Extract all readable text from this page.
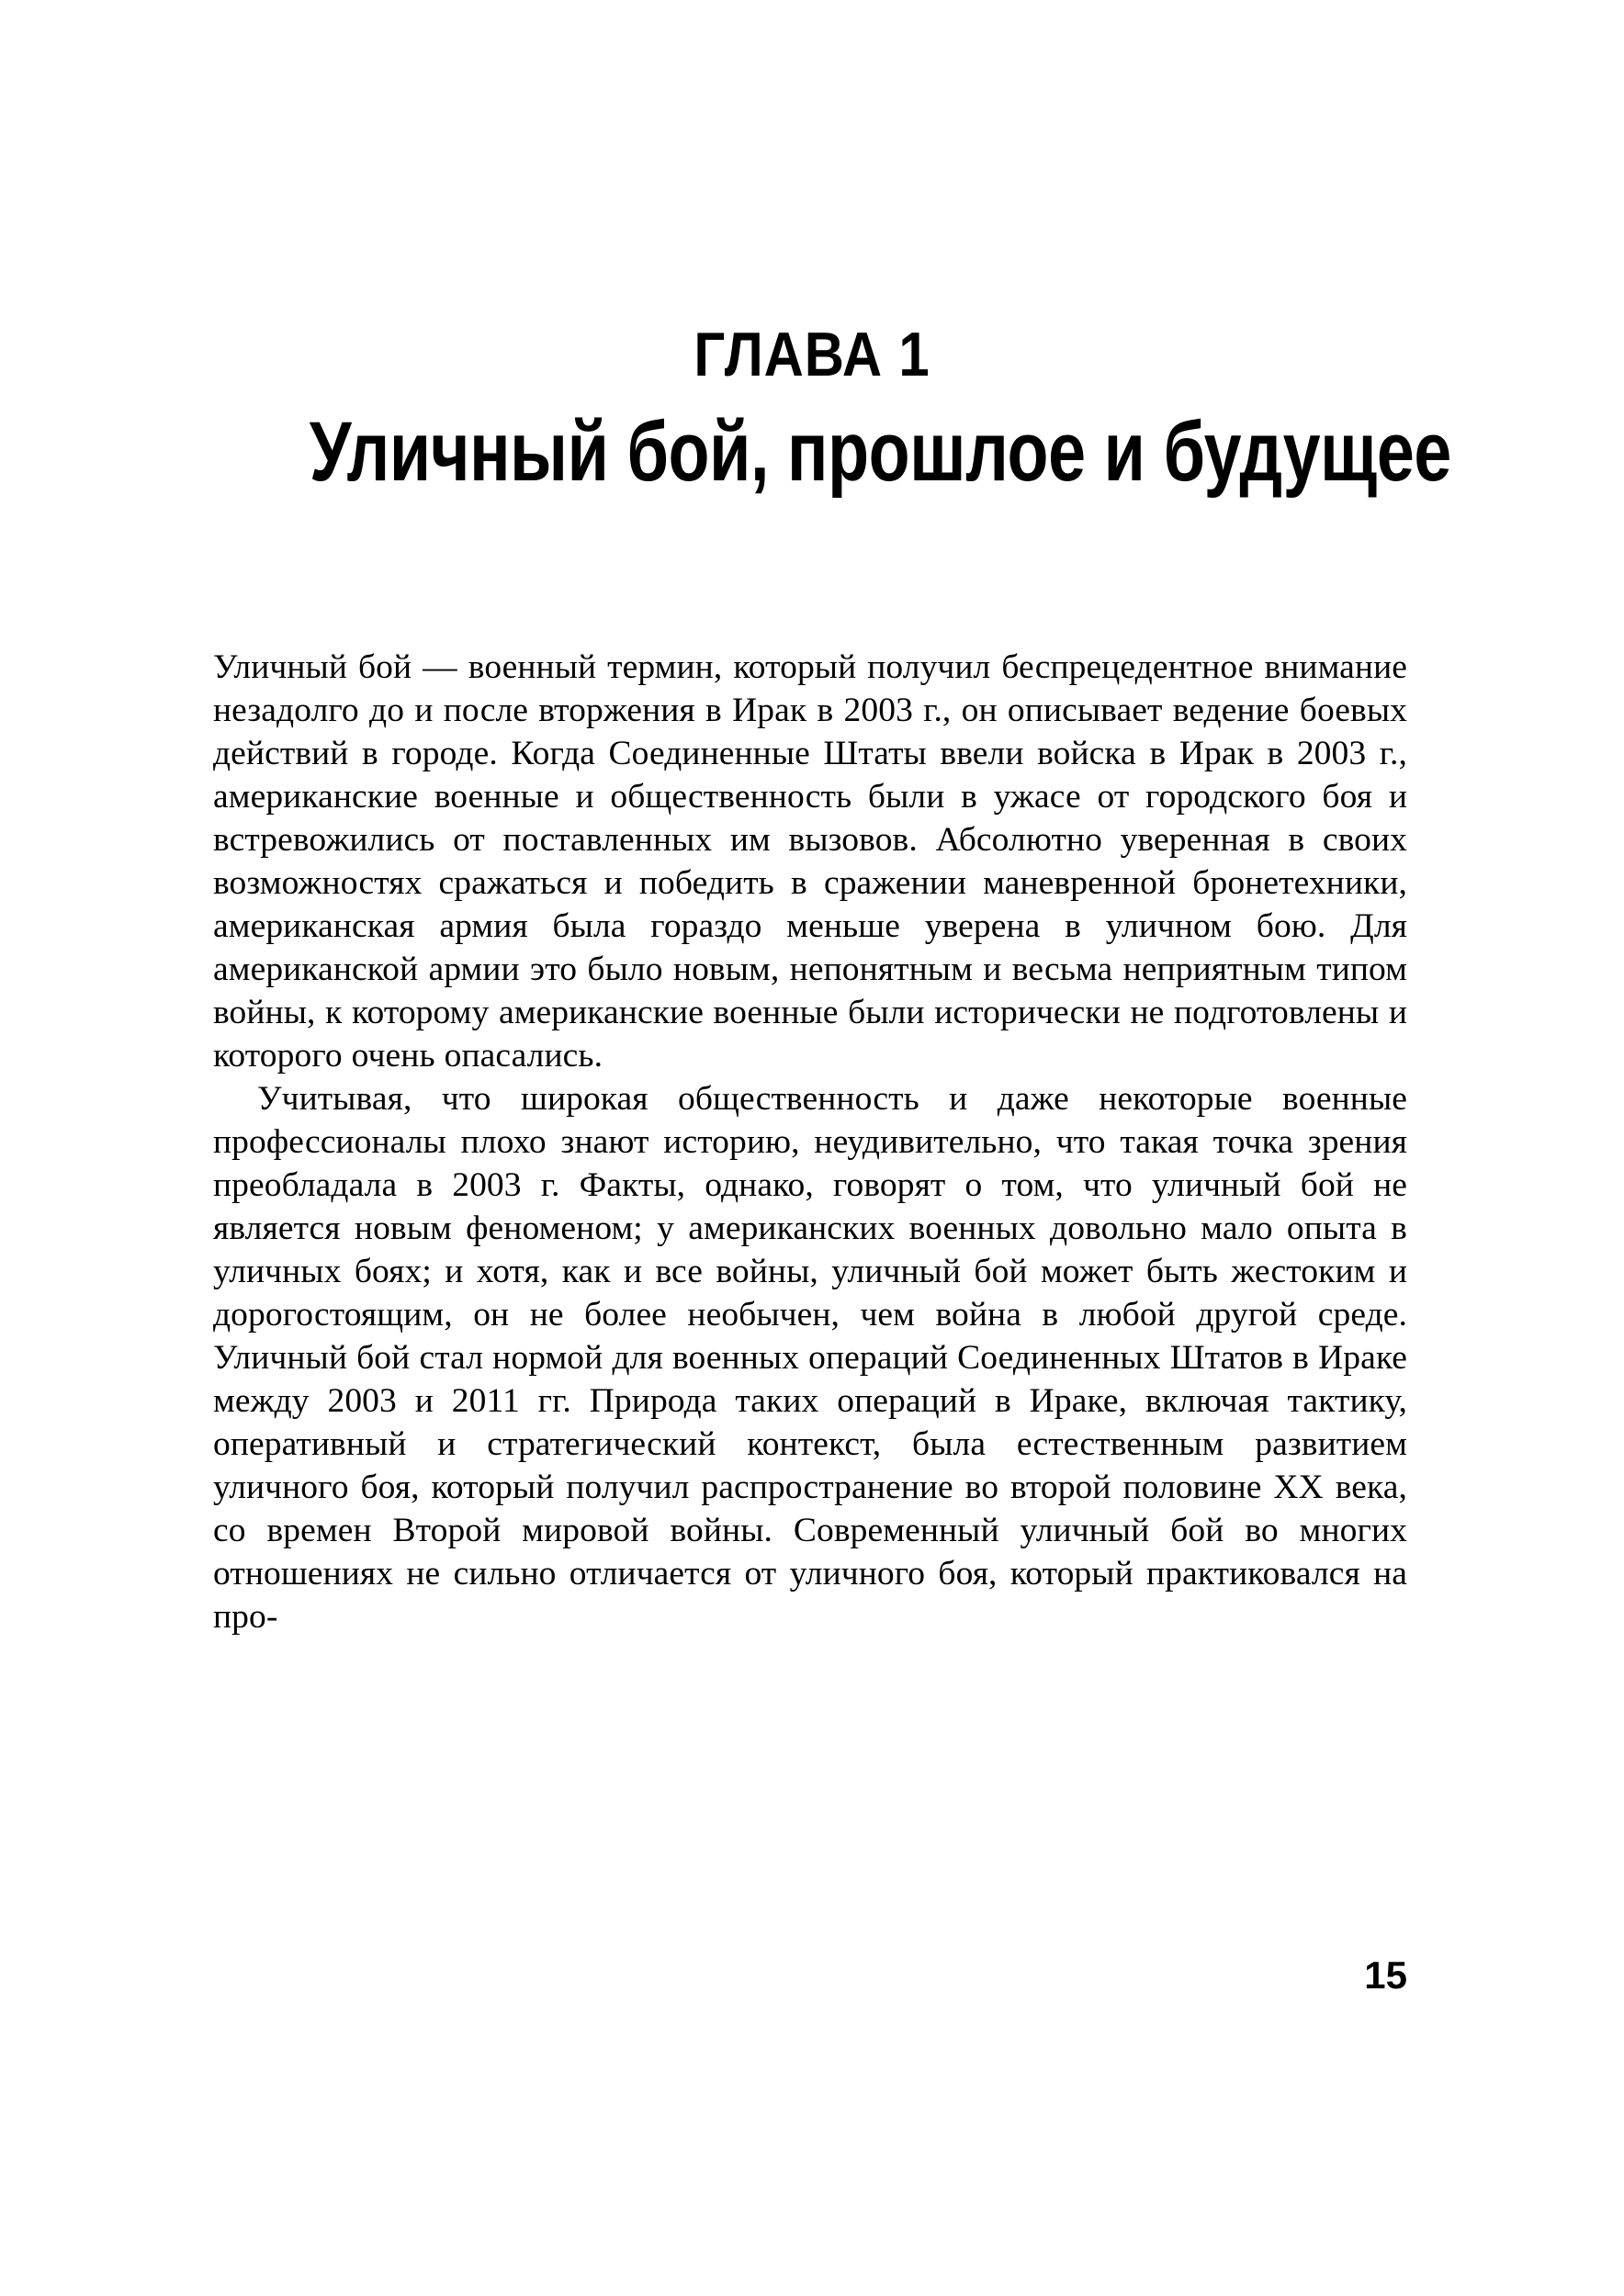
ГЛАВА 1
Уличный бой, прошлое и будущее

Уличный бой — военный термин, который получил беспрецедентное внимание незадолго до и после вторжения в Ирак в 2003 г., он описывает ведение боевых действий в городе. Когда Соединенные Штаты ввели войска в Ирак в 2003 г., американские военные и общественность были в ужасе от городского боя и встревожились от поставленных им вызовов. Абсолютно уверенная в своих возможностях сражаться и победить в сражении маневренной бронетехники, американская армия была гораздо меньше уверена в уличном бою. Для американской армии это было новым, непонятным и весьма неприятным типом войны, к которому американские военные были исторически не подготовлены и которого очень опасались.

Учитывая, что широкая общественность и даже некоторые военные профессионалы плохо знают историю, неудивительно, что такая точка зрения преобладала в 2003 г. Факты, однако, говорят о том, что уличный бой не является новым феноменом; у американских военных довольно мало опыта в уличных боях; и хотя, как и все войны, уличный бой может быть жестоким и дорогостоящим, он не более необычен, чем война в любой другой среде. Уличный бой стал нормой для военных операций Соединенных Штатов в Ираке между 2003 и 2011 гг. Природа таких операций в Ираке, включая тактику, оперативный и стратегический контекст, была естественным развитием уличного боя, который получил распространение во второй половине XX века, со времен Второй мировой войны. Современный уличный бой во многих отношениях не сильно отличается от уличного боя, который практиковался на про-

15
